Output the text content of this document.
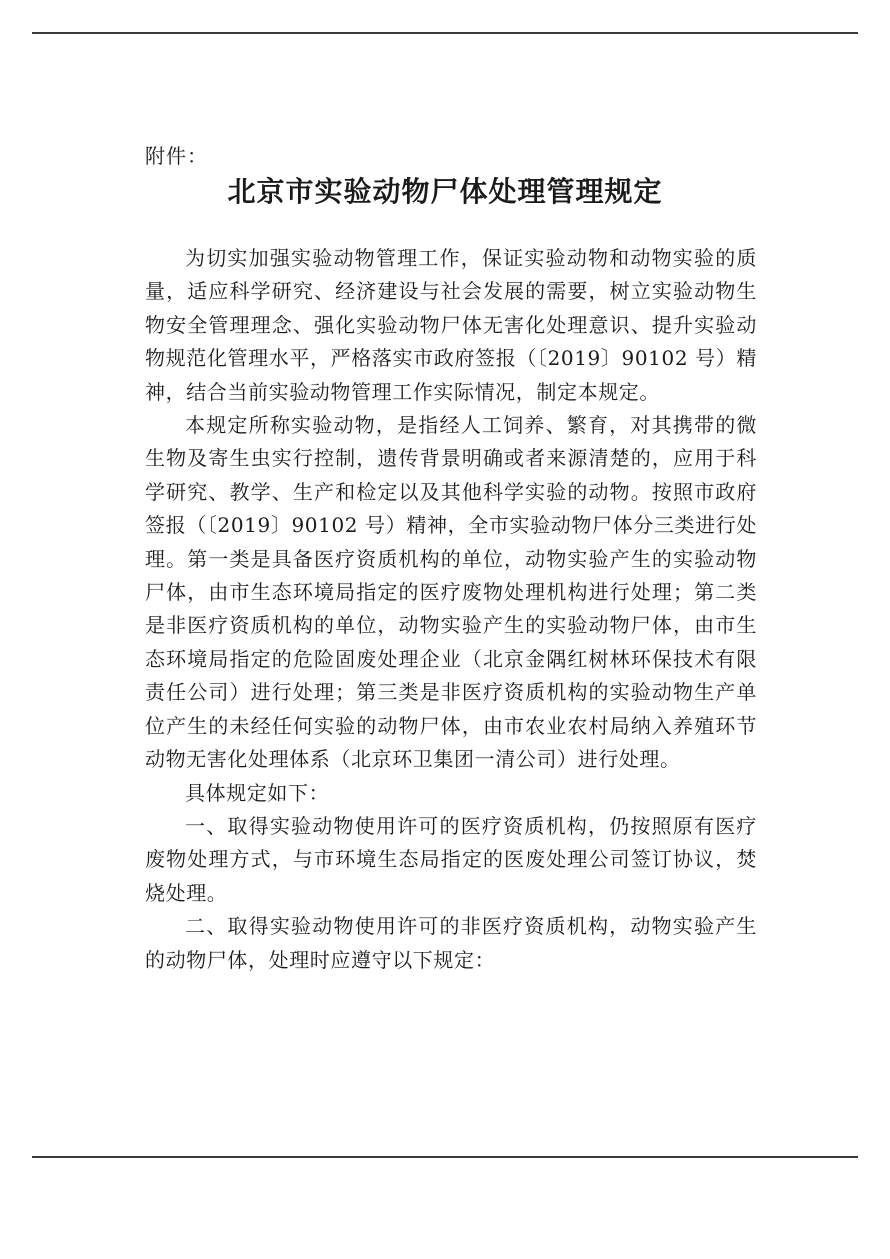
附件：
北京市实验动物尸体处理管理规定

为切实加强实验动物管理工作，保证实验动物和动物实验的质量，适应科学研究、经济建设与社会发展的需要，树立实验动物生物安全管理理念、强化实验动物尸体无害化处理意识、提升实验动物规范化管理水平，严格落实市政府签报（〔2019〕90102 号）精神，结合当前实验动物管理工作实际情况，制定本规定。

本规定所称实验动物，是指经人工饲养、繁育，对其携带的微生物及寄生虫实行控制，遗传背景明确或者来源清楚的，应用于科学研究、教学、生产和检定以及其他科学实验的动物。按照市政府签报（〔2019〕90102 号）精神，全市实验动物尸体分三类进行处理。第一类是具备医疗资质机构的单位，动物实验产生的实验动物尸体，由市生态环境局指定的医疗废物处理机构进行处理；第二类是非医疗资质机构的单位，动物实验产生的实验动物尸体，由市生态环境局指定的危险固废处理企业（北京金隅红树林环保技术有限责任公司）进行处理；第三类是非医疗资质机构的实验动物生产单位产生的未经任何实验的动物尸体，由市农业农村局纳入养殖环节动物无害化处理体系（北京环卫集团一清公司）进行处理。

具体规定如下：

一、取得实验动物使用许可的医疗资质机构，仍按照原有医疗废物处理方式，与市环境生态局指定的医废处理公司签订协议，焚烧处理。

二、取得实验动物使用许可的非医疗资质机构，动物实验产生的动物尸体，处理时应遵守以下规定：
